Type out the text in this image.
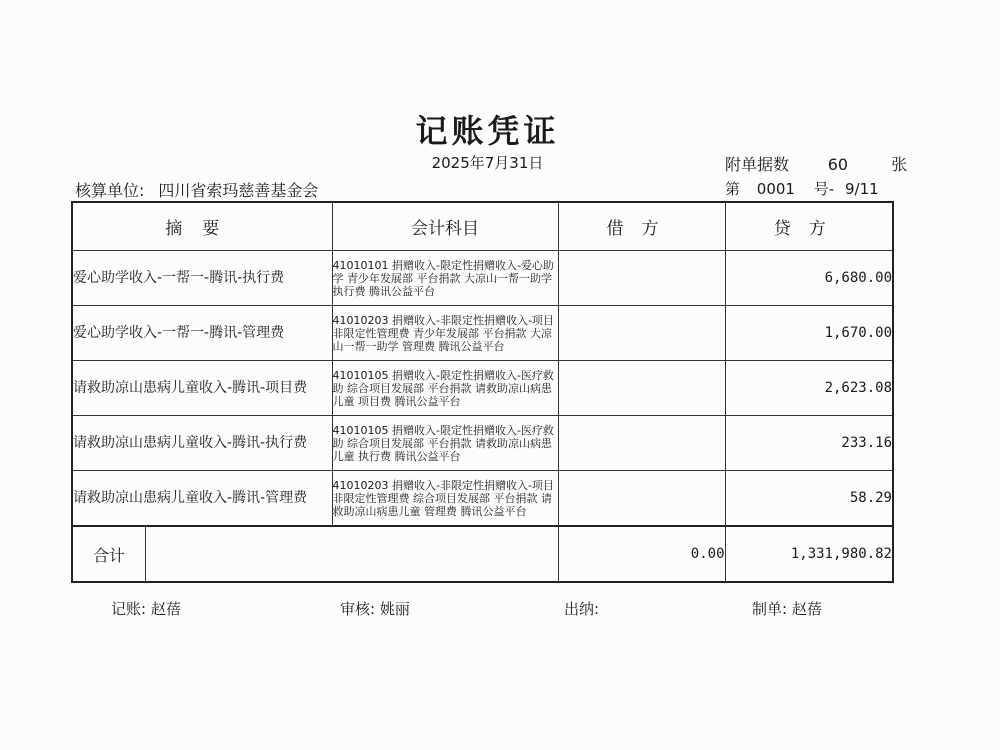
记账凭证
2025年7月31日	附单据数 60	张
核算单位: 四川省索玛慈善基金会	第 0001 号- 9/11
摘要	会计科目	借方	贷方
爱心助学收入-一帮一-腾讯-执行费	41010101 捐赠收入-限定性捐赠收入-爱心助学 青少年发展部 平台捐款 大凉山一帮一助学 执行费 腾讯公益平台		6,680.00
爱心助学收入-一帮一-腾讯-管理费	41010203 捐赠收入-非限定性捐赠收入-项目非限定性管理费 青少年发展部 平台捐款 大凉山一帮一助学 管理费 腾讯公益平台		1,670.00
请救助凉山患病儿童收入-腾讯-项目费	41010105 捐赠收入-限定性捐赠收入-医疗救助 综合项目发展部 平台捐款 请救助凉山病患儿童 项目费 腾讯公益平台		2,623.08
请救助凉山患病儿童收入-腾讯-执行费	41010105 捐赠收入-限定性捐赠收入-医疗救助 综合项目发展部 平台捐款 请救助凉山病患儿童 执行费 腾讯公益平台		233.16
请救助凉山患病儿童收入-腾讯-管理费	41010203 捐赠收入-非限定性捐赠收入-项目非限定性管理费 综合项目发展部 平台捐款 请救助凉山病患儿童 管理费 腾讯公益平台		58.29

合计		0.00	1,331,980.82
记账: 赵蓓	审核: 姚丽	出纳:	制单: 赵蓓
